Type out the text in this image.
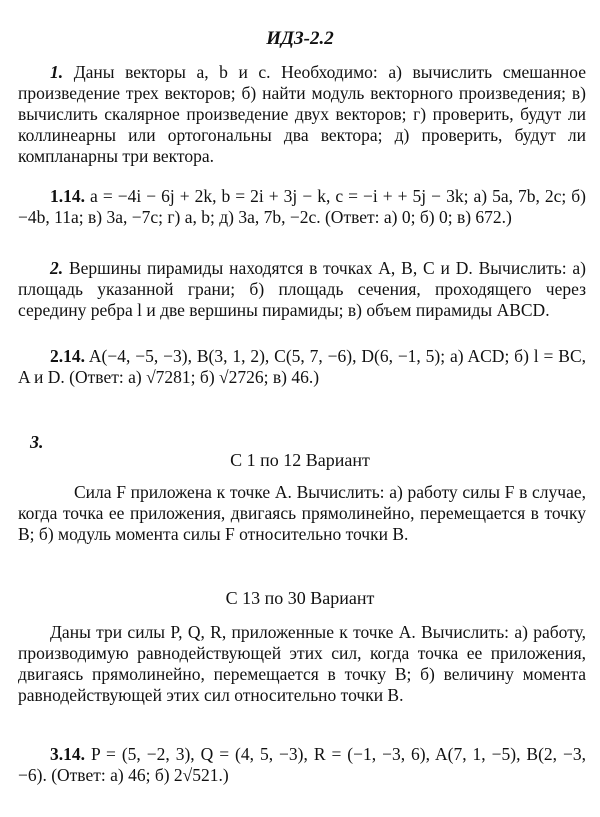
ИДЗ-2.2
1. Даны векторы a, b и c. Необходимо: а) вычислить смешанное произведение трех векторов; б) найти модуль векторного произведения; в) вычислить скалярное произведение двух векторов; г) проверить, будут ли коллинеарны или ортогональны два вектора; д) проверить, будут ли компланарны три вектора.
1.14. a = −4i − 6j + 2k, b = 2i + 3j − k, c = −i + + 5j − 3k; а) 5a, 7b, 2c; б) −4b, 11a; в) 3a, −7c; г) a, b; д) 3a, 7b, −2c. (Ответ: а) 0; б) 0; в) 672.)
2. Вершины пирамиды находятся в точках A, B, C и D. Вычислить: а) площадь указанной грани; б) площадь сечения, проходящего через середину ребра l и две вершины пирамиды; в) объем пирамиды ABCD.
2.14. A(−4, −5, −3), B(3, 1, 2), C(5, 7, −6), D(6, −1, 5); а) ACD; б) l = BC, A и D. (Ответ: а) √7281; б) √2726; в) 46.)
3.
С 1 по 12 Вариант
Сила F приложена к точке A. Вычислить: а) работу силы F в случае, когда точка ее приложения, двигаясь прямолинейно, перемещается в точку B; б) модуль момента силы F относительно точки B.
С 13 по 30 Вариант
Даны три силы P, Q, R, приложенные к точке A. Вычислить: а) работу, производимую равнодействующей этих сил, когда точка ее приложения, двигаясь прямолинейно, перемещается в точку B; б) величину момента равнодействующей этих сил относительно точки B.
3.14. P = (5, −2, 3), Q = (4, 5, −3), R = (−1, −3, 6), A(7, 1, −5), B(2, −3, −6). (Ответ: а) 46; б) 2√521.)
